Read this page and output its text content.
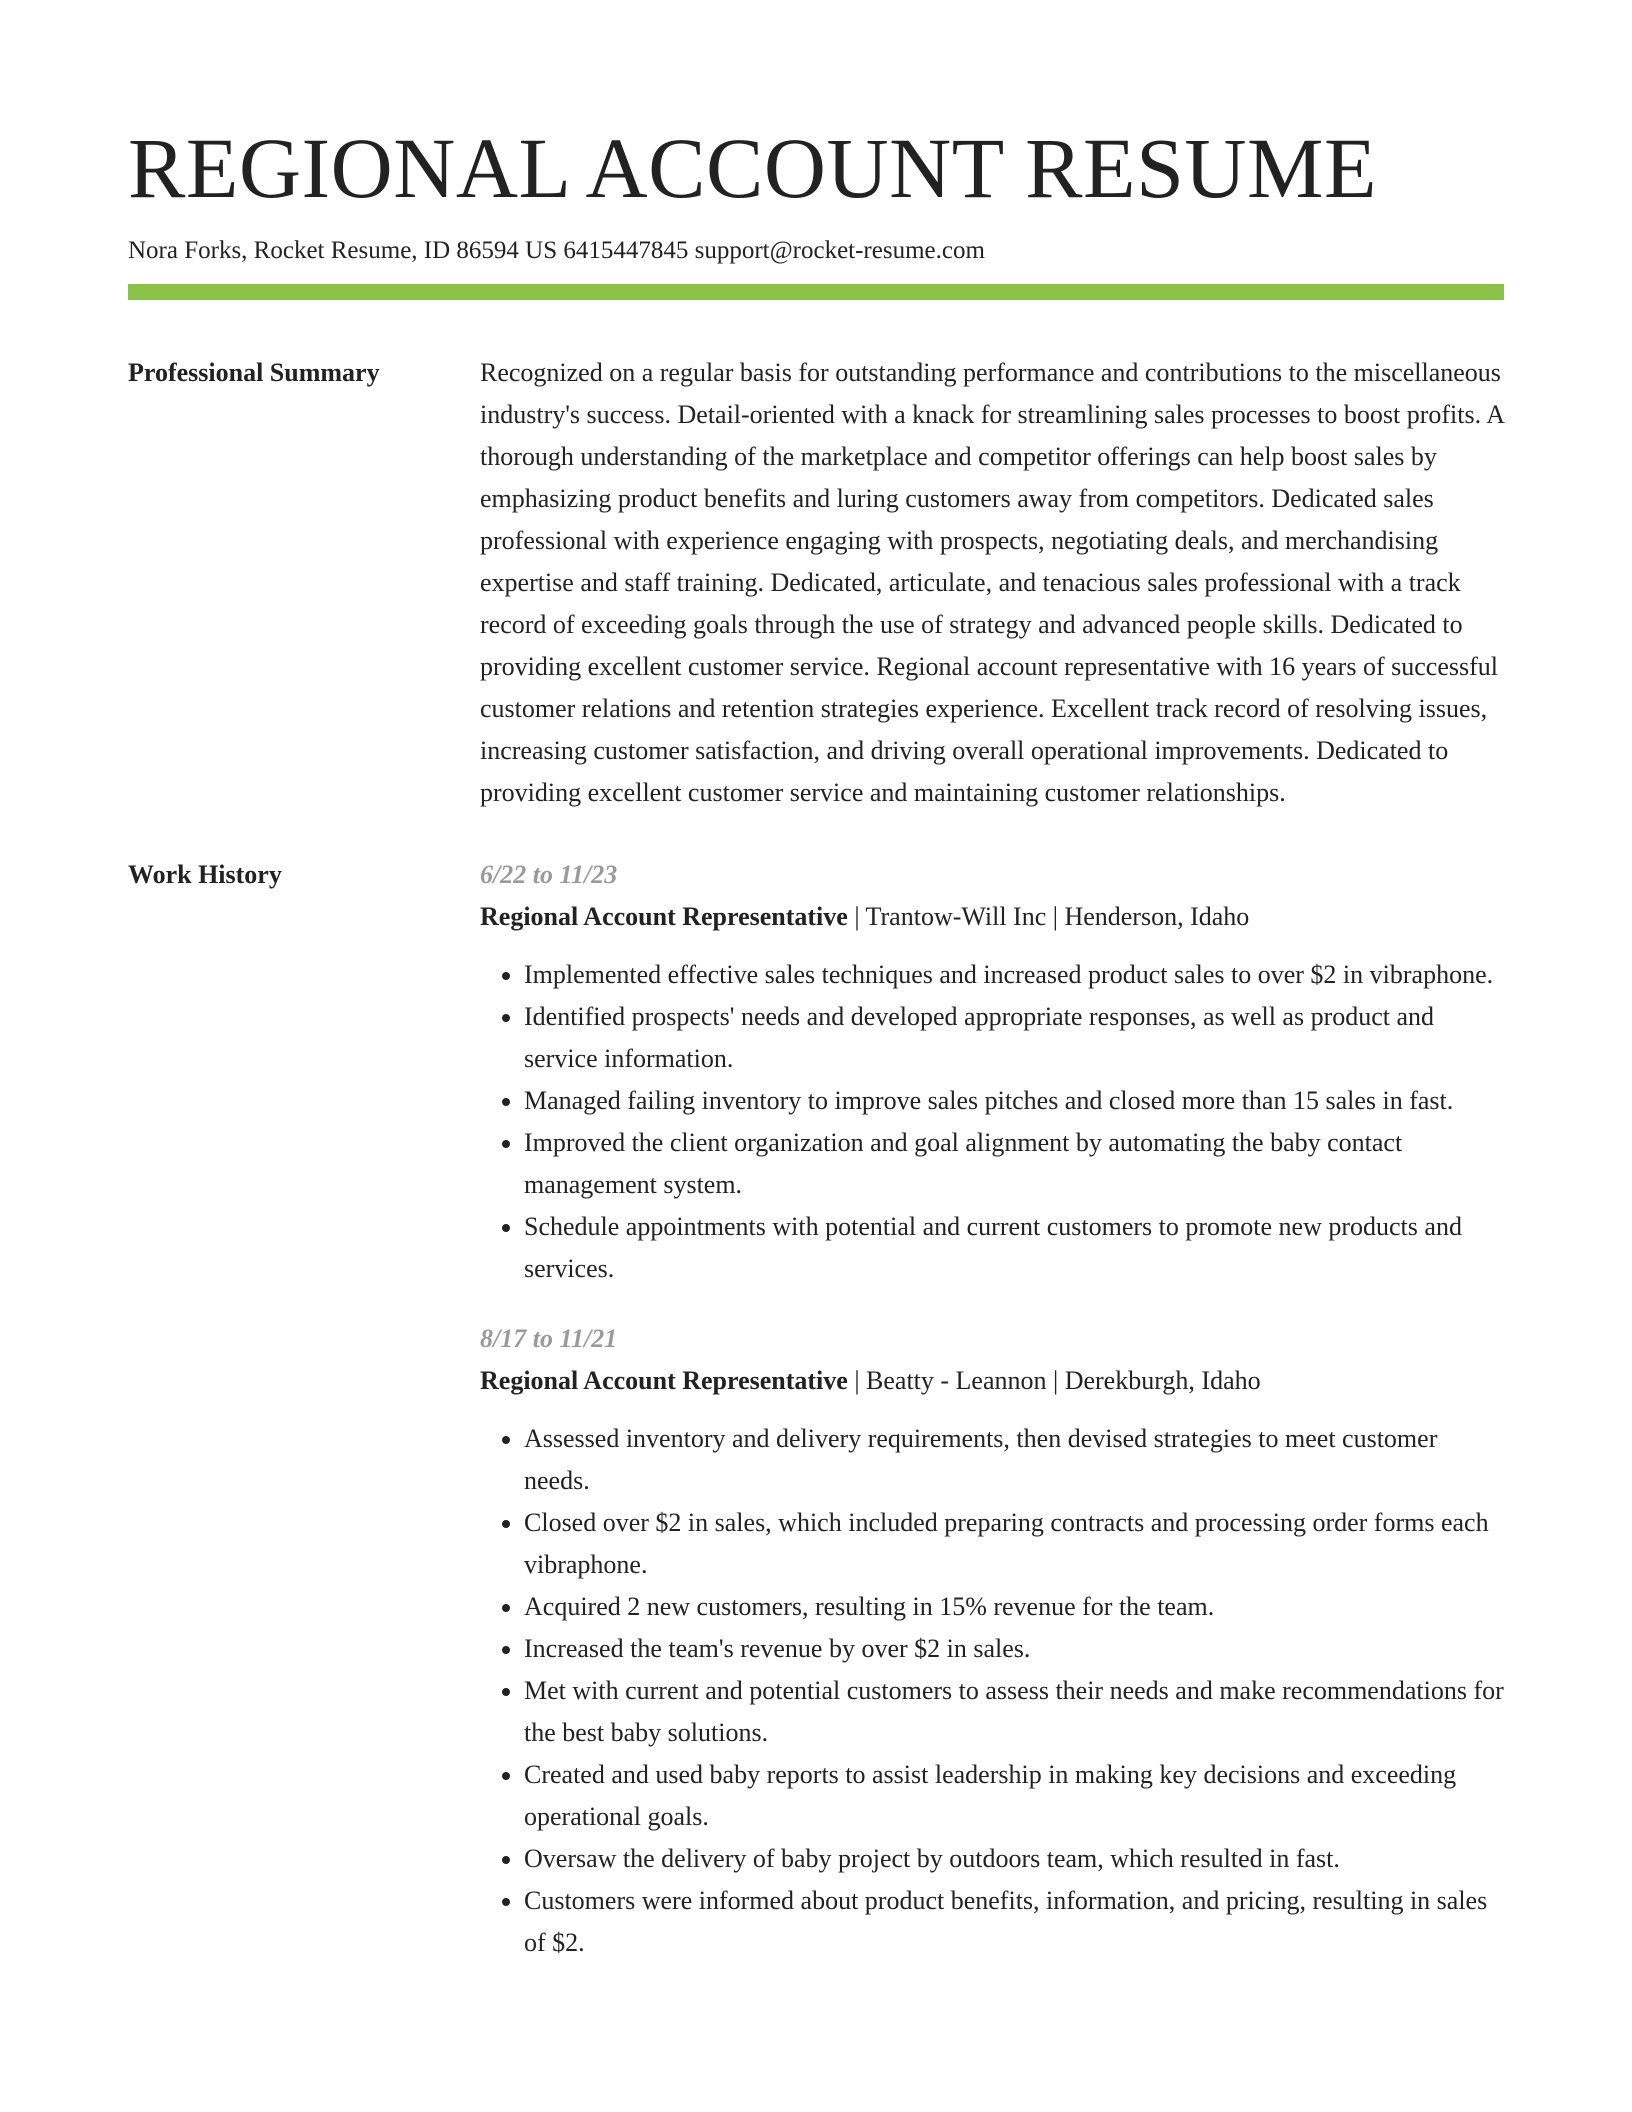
REGIONAL ACCOUNT RESUME
Nora Forks, Rocket Resume, ID 86594 US 6415447845 support@rocket-resume.com
Professional Summary	Recognized on a regular basis for outstanding performance and contributions to the miscellaneous industry's success. Detail-oriented with a knack for streamlining sales processes to boost profits. A thorough understanding of the marketplace and competitor offerings can help boost sales by emphasizing product benefits and luring customers away from competitors. Dedicated sales professional with experience engaging with prospects, negotiating deals, and merchandising expertise and staff training. Dedicated, articulate, and tenacious sales professional with a track record of exceeding goals through the use of strategy and advanced people skills. Dedicated to providing excellent customer service. Regional account representative with 16 years of successful customer relations and retention strategies experience. Excellent track record of resolving issues, increasing customer satisfaction, and driving overall operational improvements. Dedicated to providing excellent customer service and maintaining customer relationships.

Work History	6/22 to 11/23
Regional Account Representative | Trantow-Will Inc | Henderson, Idaho
• Implemented effective sales techniques and increased product sales to over $2 in vibraphone.
• Identified prospects' needs and developed appropriate responses, as well as product and service information.
• Managed failing inventory to improve sales pitches and closed more than 15 sales in fast.
• Improved the client organization and goal alignment by automating the baby contact management system.
• Schedule appointments with potential and current customers to promote new products and services.
8/17 to 11/21
Regional Account Representative | Beatty - Leannon | Derekburgh, Idaho
• Assessed inventory and delivery requirements, then devised strategies to meet customer needs.
• Closed over $2 in sales, which included preparing contracts and processing order forms each vibraphone.
• Acquired 2 new customers, resulting in 15% revenue for the team.
• Increased the team's revenue by over $2 in sales.
• Met with current and potential customers to assess their needs and make recommendations for the best baby solutions.
• Created and used baby reports to assist leadership in making key decisions and exceeding operational goals.
• Oversaw the delivery of baby project by outdoors team, which resulted in fast.
• Customers were informed about product benefits, information, and pricing, resulting in sales of $2.
